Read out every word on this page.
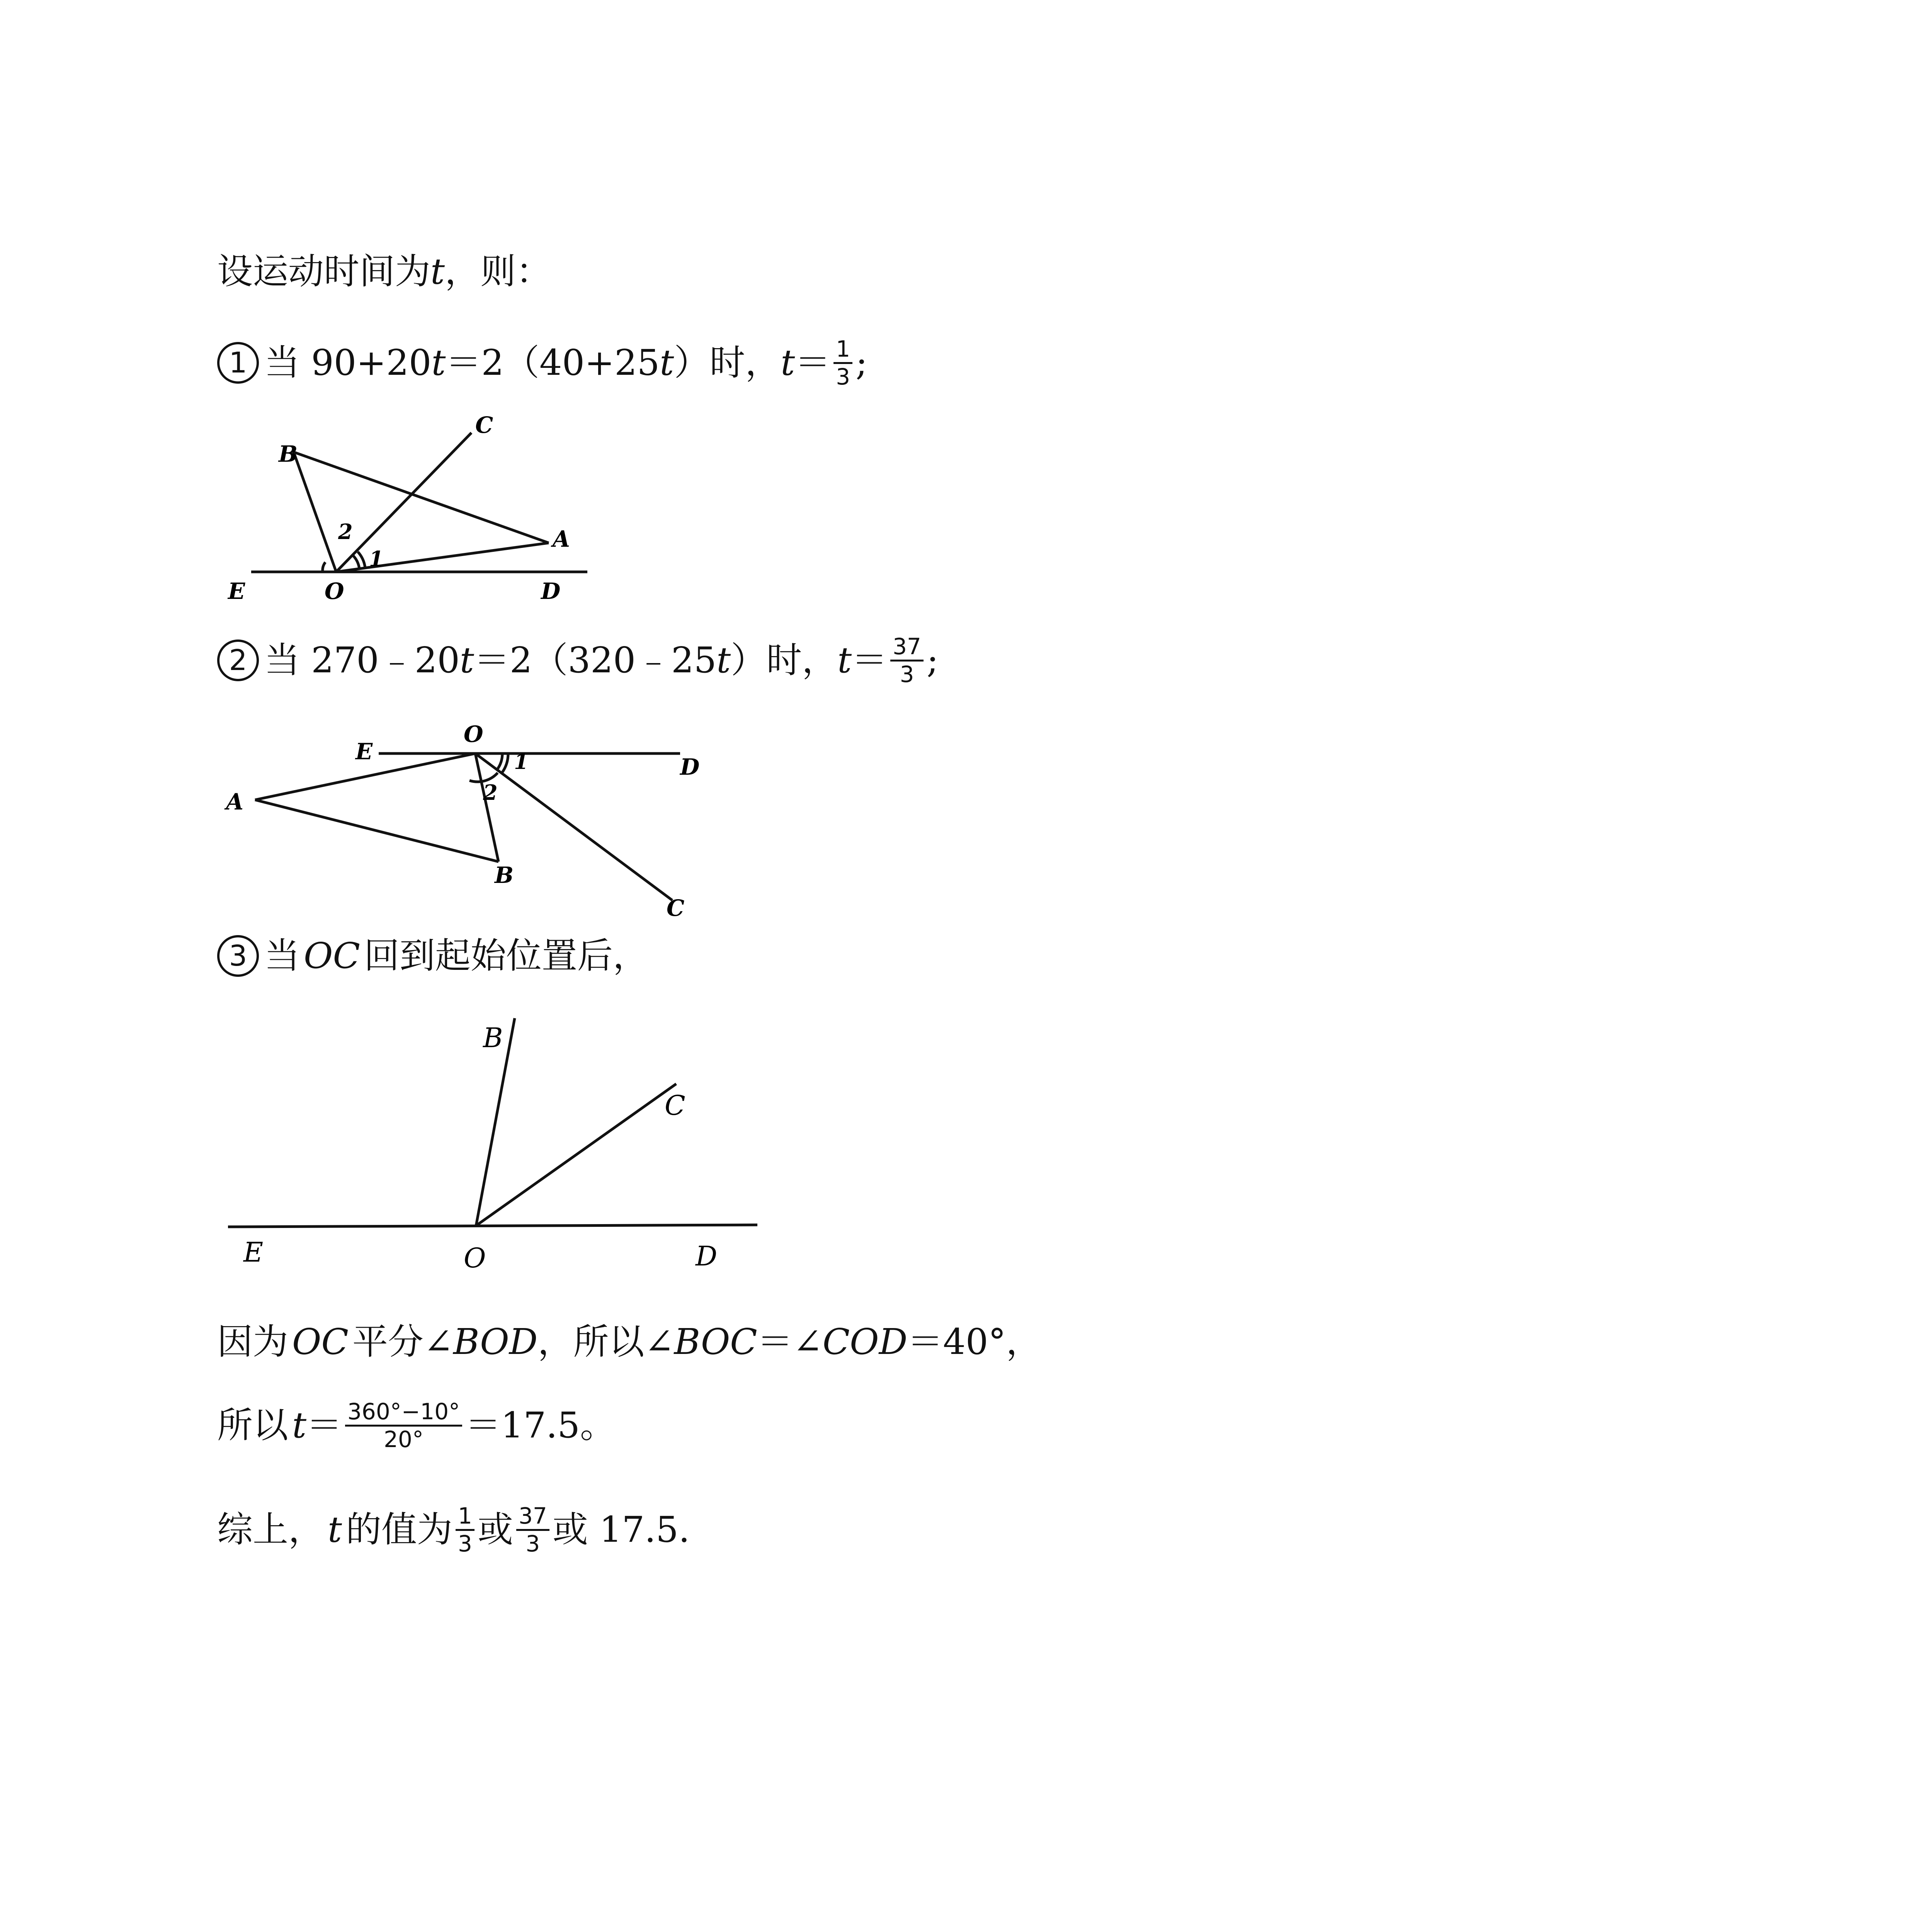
设运动时间为t，则：
1 当 90+20t＝2（40+25t）时，$t= \frac{1}{3}$ ;
B
C
A
E	O	D
1
2
2 当 270﹣20t＝2（320﹣25t）时，$t= \frac{37}{3}$ ;
E
O
D
A
B
C
1
2
3 当 OC 回到起始位置后，
B
C
E	O	D
因为 OC 平分∠BOD，所以∠BOC＝∠COD＝40°，
所以 $t= \frac{360^\circ-10^\circ}{20^\circ} =17.5$。
综上， t 的值为 $\frac{1}{3}$ 或 $\frac{37}{3}$ 或 17.5.
